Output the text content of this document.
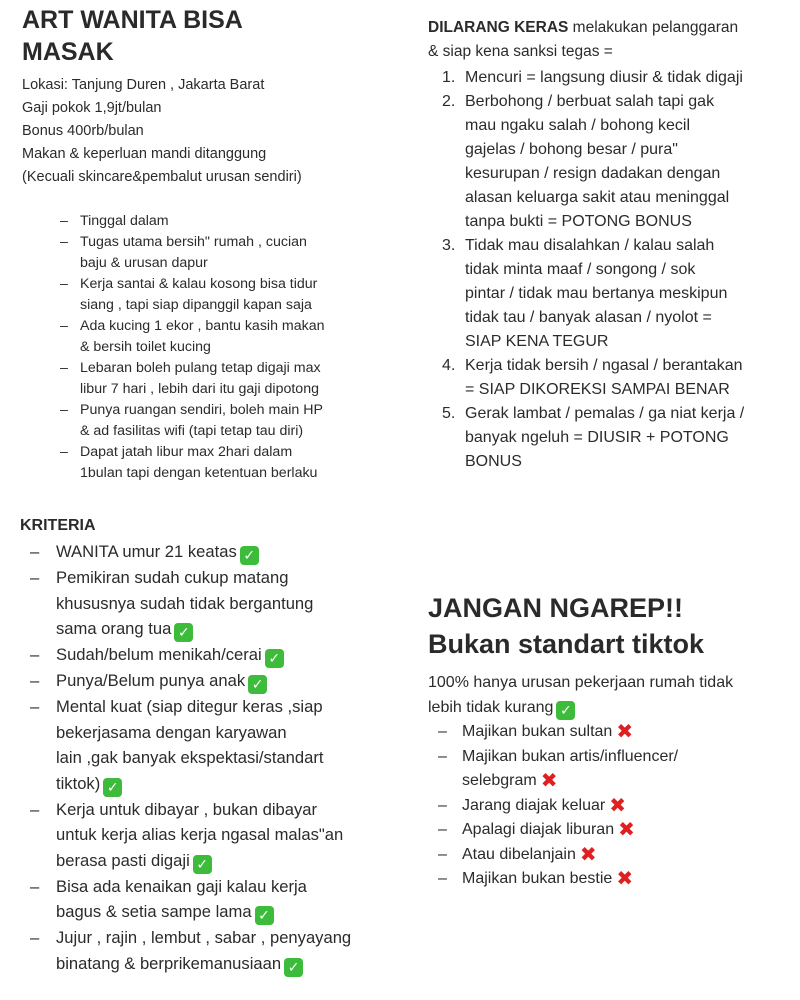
ART WANITA BISA
MASAK
Lokasi: Tanjung Duren , Jakarta Barat
Gaji pokok 1,9jt/bulan
Bonus 400rb/bulan
Makan & keperluan mandi ditanggung
(Kecuali skincare&pembalut urusan sendiri)
– Tinggal dalam
– Tugas utama bersih" rumah , cucian
baju & urusan dapur
– Kerja santai & kalau kosong bisa tidur
siang , tapi siap dipanggil kapan saja
– Ada kucing 1 ekor , bantu kasih makan
& bersih toilet kucing
– Lebaran boleh pulang tetap digaji max
libur 7 hari , lebih dari itu gaji dipotong
– Punya ruangan sendiri, boleh main HP
& ad fasilitas wifi (tapi tetap tau diri)
– Dapat jatah libur max 2hari dalam
1bulan tapi dengan ketentuan berlaku
DILARANG KERAS melakukan pelanggaran
& siap kena sanksi tegas =
1. Mencuri = langsung diusir & tidak digaji
2. Berbohong / berbuat salah tapi gak
mau ngaku salah / bohong kecil
gajelas / bohong besar / pura"
kesurupan / resign dadakan dengan
alasan keluarga sakit atau meninggal
tanpa bukti = POTONG BONUS
3. Tidak mau disalahkan / kalau salah
tidak minta maaf / songong / sok
pintar / tidak mau bertanya meskipun
tidak tau / banyak alasan / nyolot =
SIAP KENA TEGUR
4. Kerja tidak bersih / ngasal / berantakan
= SIAP DIKOREKSI SAMPAI BENAR
5. Gerak lambat / pemalas / ga niat kerja /
banyak ngeluh = DIUSIR + POTONG
BONUS
KRITERIA
– WANITA umur 21 keatas ✓
– Pemikiran sudah cukup matang
khususnya sudah tidak bergantung
sama orang tua ✓
– Sudah/belum menikah/cerai ✓
– Punya/Belum punya anak ✓
– Mental kuat (siap ditegur keras ,siap
bekerjasama dengan karyawan
lain ,gak banyak ekspektasi/standart
tiktok) ✓
– Kerja untuk dibayar , bukan dibayar
untuk kerja alias kerja ngasal malas"an
berasa pasti digaji ✓
– Bisa ada kenaikan gaji kalau kerja
bagus & setia sampe lama ✓
– Jujur , rajin , lembut , sabar , penyayang
binatang & berprikemanusiaan ✓
JANGAN NGAREP!!
Bukan standart tiktok
100% hanya urusan pekerjaan rumah tidak
lebih tidak kurang ✓
– Majikan bukan sultan ✖
– Majikan bukan artis/influencer/
selebgram ✖
– Jarang diajak keluar ✖
– Apalagi diajak liburan ✖
– Atau dibelanjain ✖
– Majikan bukan bestie ✖
